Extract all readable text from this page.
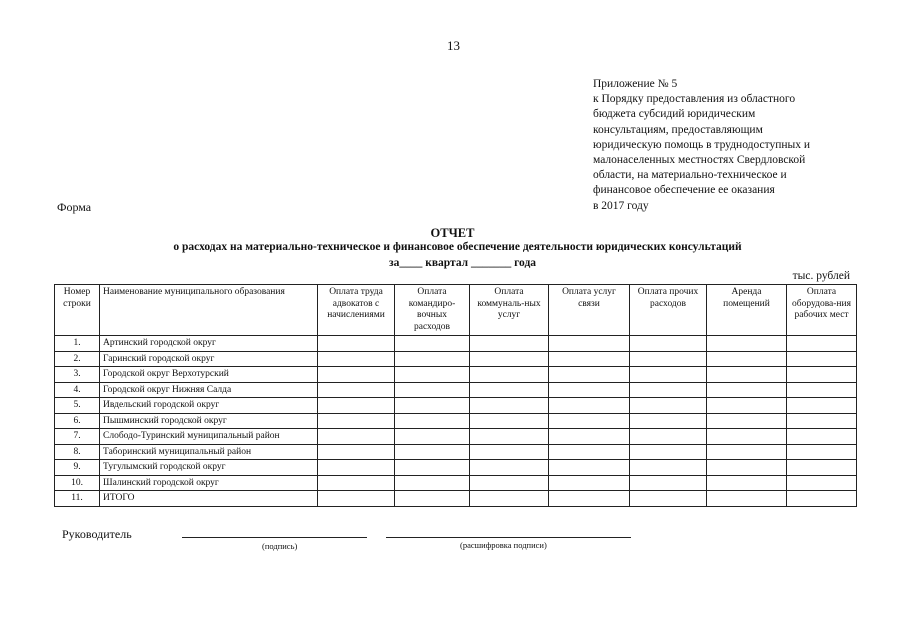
13
Приложение № 5
к Порядку предоставления из областного
бюджета субсидий юридическим
консультациям, предоставляющим
юридическую помощь в труднодоступных и
малонаселенных местностях Свердловской
области, на материально-техническое и
финансовое обеспечение ее оказания
в 2017 году
Форма
ОТЧЕТ
о расходах на материально-техническое и финансовое обеспечение деятельности юридических консультаций
за____ квартал _______ года
тыс. рублей
Номер строки	Наименование муниципального образования	Оплата труда адвокатов с начислениями	Оплата командиро-вочных расходов	Оплата коммуналь-ных услуг	Оплата услуг связи	Оплата прочих расходов	Аренда помещений	Оплата оборудова-ния рабочих мест
1.	Артинский городской округ							
2.	Гаринский городской округ							
3.	Городской округ Верхотурский							
4.	Городской округ Нижняя Салда							
5.	Ивдельский городской округ							
6.	Пышминский городской округ							
7.	Слободо-Туринский муниципальный район							
8.	Таборинский муниципальный район							
9.	Тугулымский городской округ							
10.	Шалинский городской округ							
11.	ИТОГО							
Руководитель
(подпись)	(расшифровка подписи)
